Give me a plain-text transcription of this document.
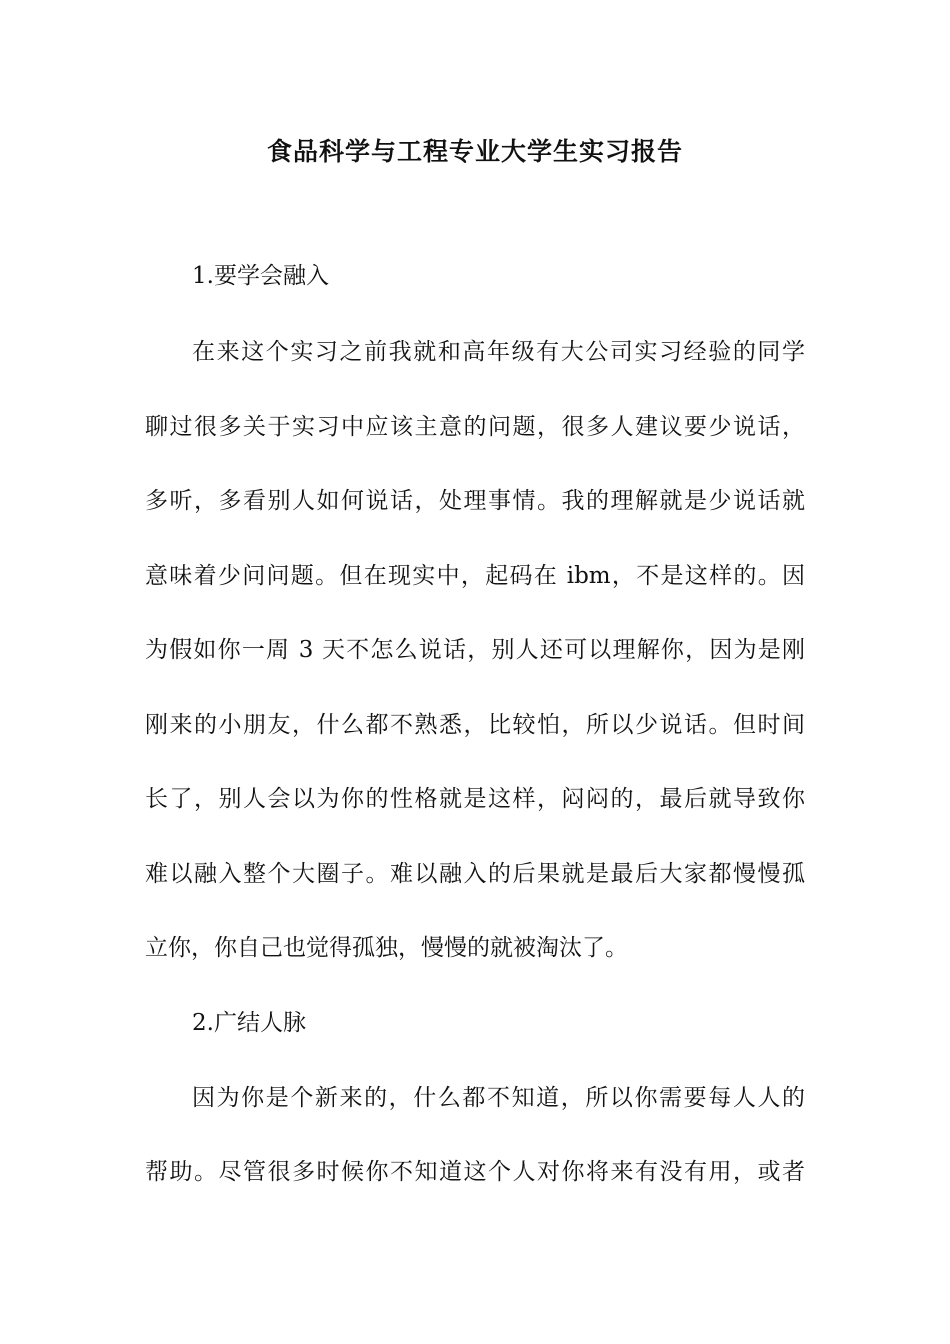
食品科学与工程专业大学生实习报告
1.要学会融入
在来这个实习之前我就和高年级有大公司实习经验的同学
聊过很多关于实习中应该主意的问题，很多人建议要少说话，
多听，多看别人如何说话，处理事情。我的理解就是少说话就
意味着少问问题。但在现实中，起码在 ibm，不是这样的。因
为假如你一周 3 天不怎么说话，别人还可以理解你，因为是刚
刚来的小朋友，什么都不熟悉，比较怕，所以少说话。但时间
长了，别人会以为你的性格就是这样，闷闷的，最后就导致你
难以融入整个大圈子。难以融入的后果就是最后大家都慢慢孤
立你，你自己也觉得孤独，慢慢的就被淘汰了。
2.广结人脉
因为你是个新来的，什么都不知道，所以你需要每人人的
帮助。尽管很多时候你不知道这个人对你将来有没有用，或者
